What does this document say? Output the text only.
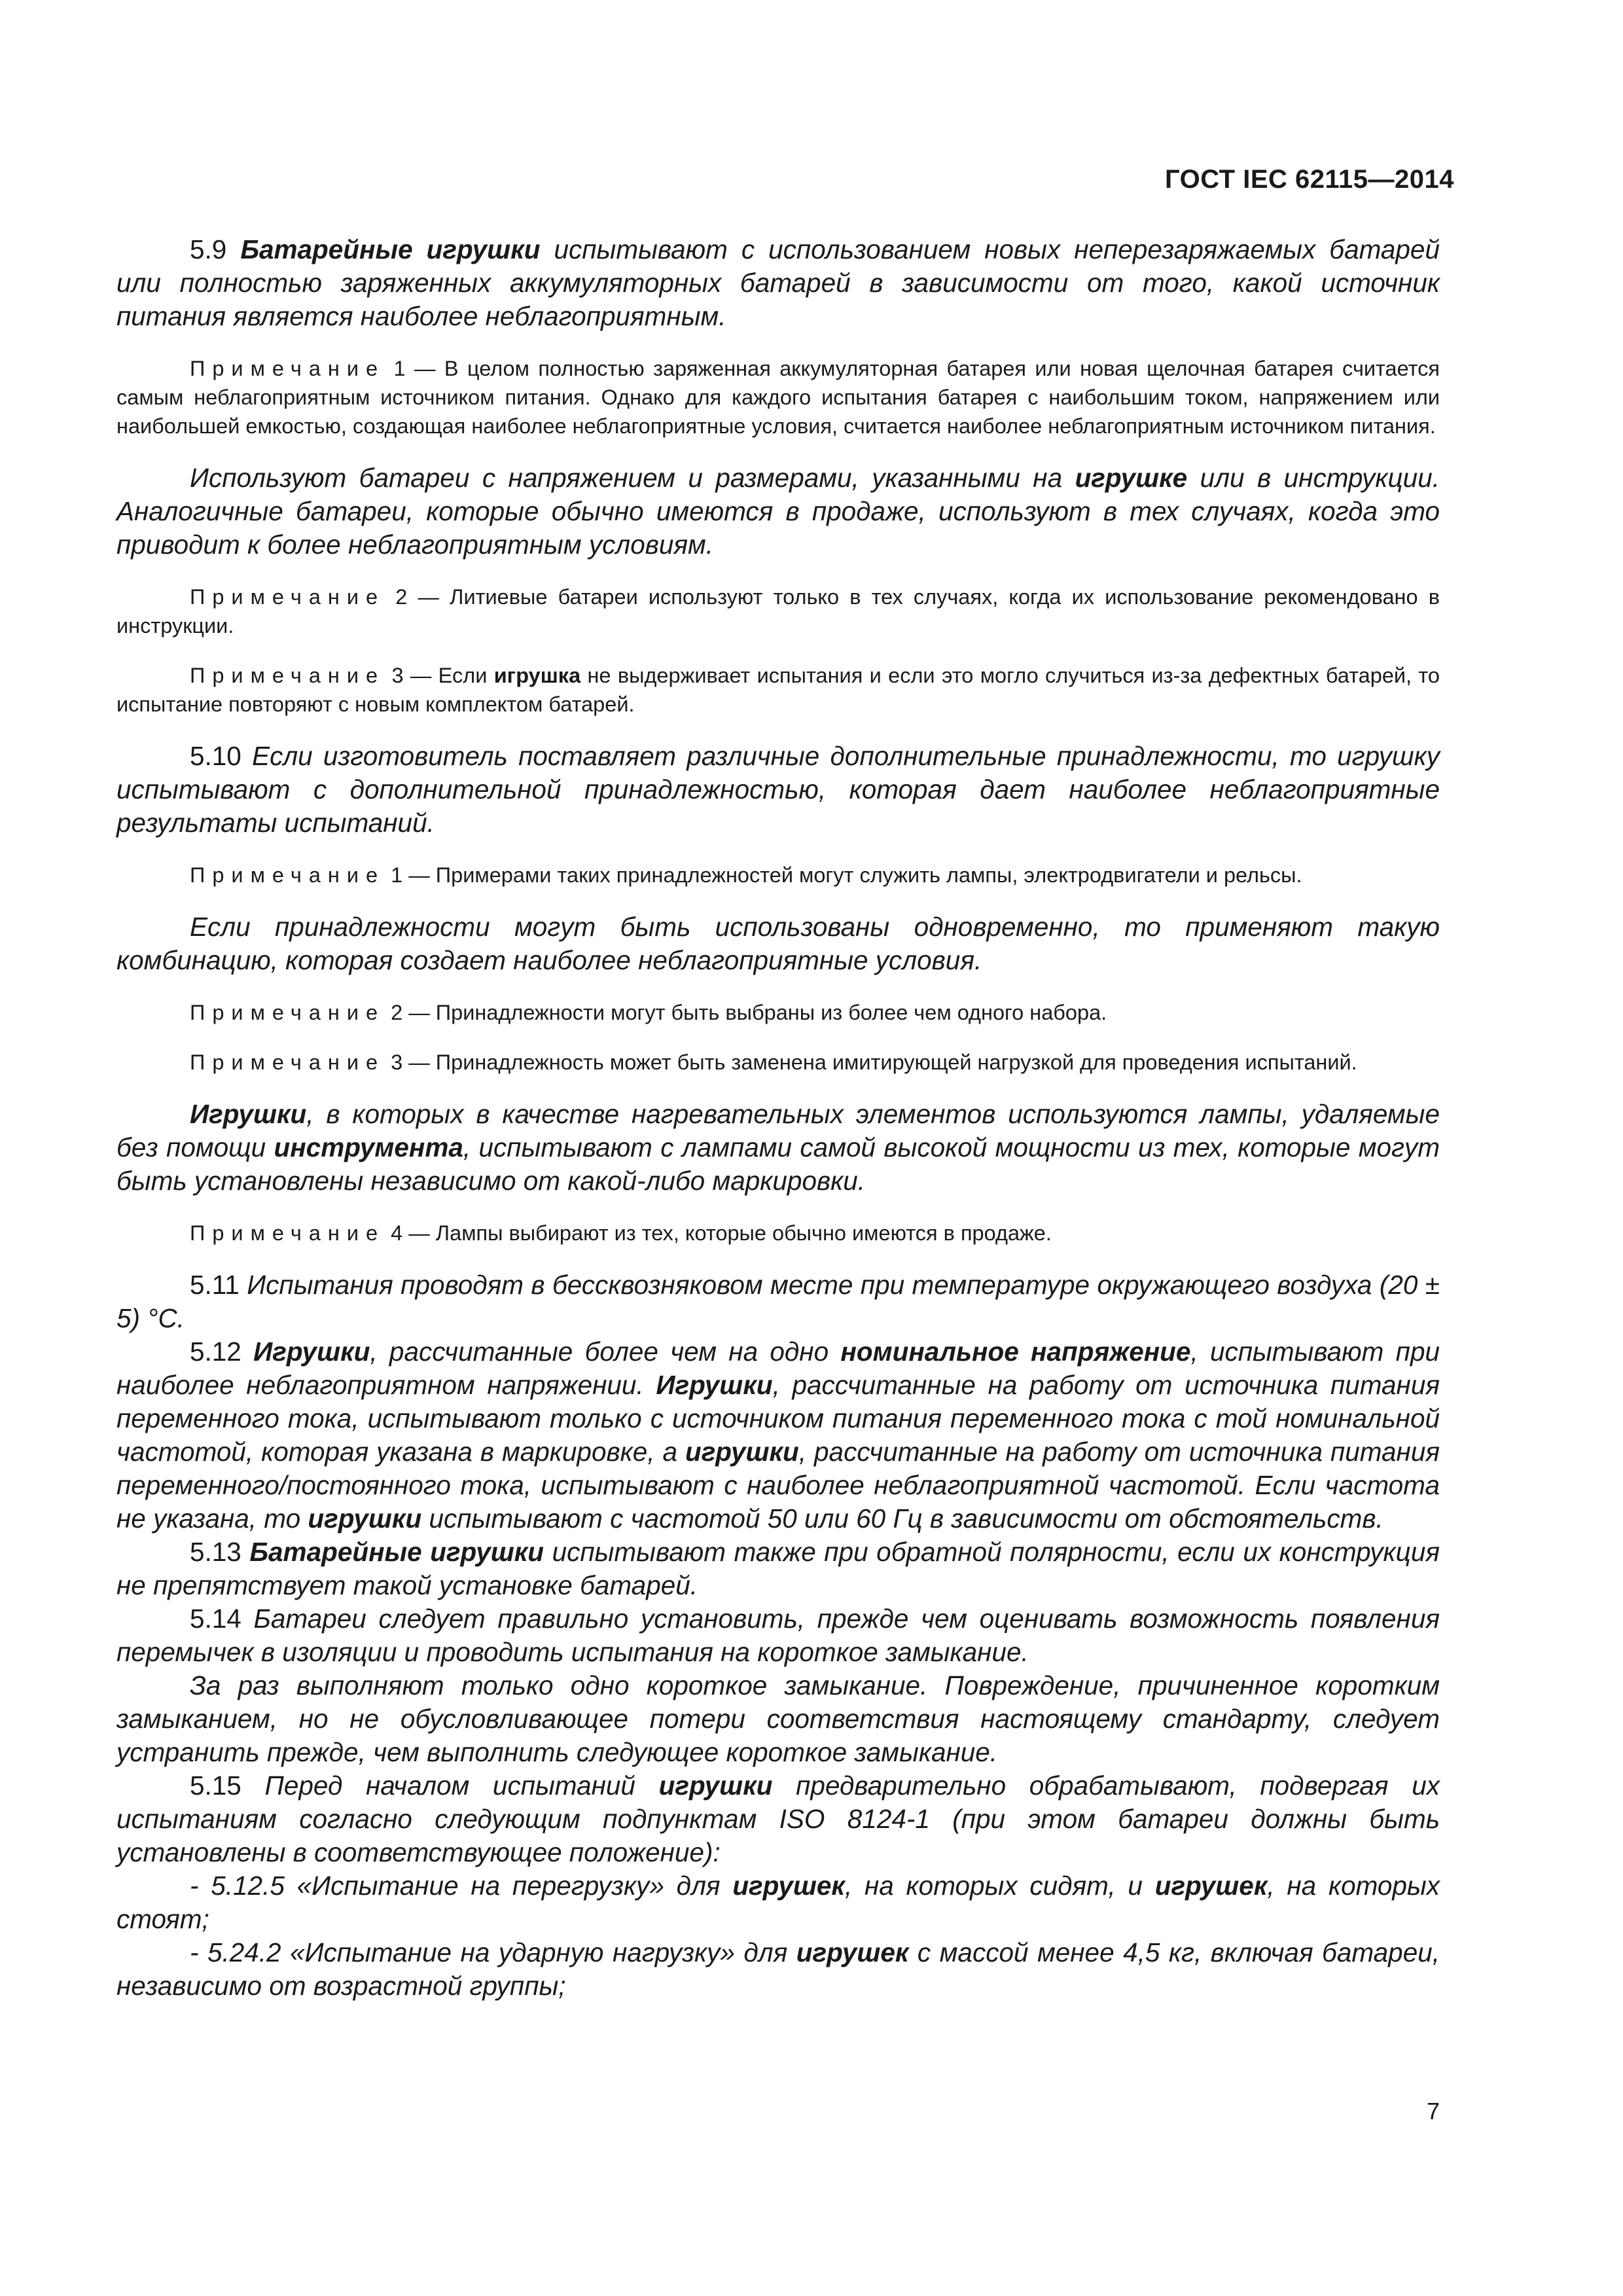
ГОСТ IEC 62115—2014

5.9 Батарейные игрушки испытывают с использованием новых неперезаряжаемых батарей или полностью заряженных аккумуляторных батарей в зависимости от того, какой источник питания является наиболее неблагоприятным.

Примечание 1 — В целом полностью заряженная аккумуляторная батарея или новая щелочная батарея считается самым неблагоприятным источником питания. Однако для каждого испытания батарея с наибольшим током, напряжением или наибольшей емкостью, создающая наиболее неблагоприятные условия, считается наиболее неблагоприятным источником питания.

Используют батареи с напряжением и размерами, указанными на игрушке или в инструкции. Аналогичные батареи, которые обычно имеются в продаже, используют в тех случаях, когда это приводит к более неблагоприятным условиям.

Примечание 2 — Литиевые батареи используют только в тех случаях, когда их использование рекомендовано в инструкции.

Примечание 3 — Если игрушка не выдерживает испытания и если это могло случиться из-за дефектных батарей, то испытание повторяют с новым комплектом батарей.

5.10 Если изготовитель поставляет различные дополнительные принадлежности, то игрушку испытывают с дополнительной принадлежностью, которая дает наиболее неблагоприятные результаты испытаний.

Примечание 1 — Примерами таких принадлежностей могут служить лампы, электродвигатели и рельсы.

Если принадлежности могут быть использованы одновременно, то применяют такую комбинацию, которая создает наиболее неблагоприятные условия.

Примечание 2 — Принадлежности могут быть выбраны из более чем одного набора.

Примечание 3 — Принадлежность может быть заменена имитирующей нагрузкой для проведения испытаний.

Игрушки, в которых в качестве нагревательных элементов используются лампы, удаляемые без помощи инструмента, испытывают с лампами самой высокой мощности из тех, которые могут быть установлены независимо от какой-либо маркировки.

Примечание 4 — Лампы выбирают из тех, которые обычно имеются в продаже.

5.11 Испытания проводят в бесcквозняковом месте при температуре окружающего воздуха (20 ± 5) °С.

5.12 Игрушки, рассчитанные более чем на одно номинальное напряжение, испытывают при наиболее неблагоприятном напряжении. Игрушки, рассчитанные на работу от источника питания переменного тока, испытывают только с источником питания переменного тока с той номинальной частотой, которая указана в маркировке, а игрушки, рассчитанные на работу от источника питания переменного/постоянного тока, испытывают с наиболее неблагоприятной частотой. Если частота не указана, то игрушки испытывают с частотой 50 или 60 Гц в зависимости от обстоятельств.

5.13 Батарейные игрушки испытывают также при обратной полярности, если их конструкция не препятствует такой установке батарей.

5.14 Батареи следует правильно установить, прежде чем оценивать возможность появления перемычек в изоляции и проводить испытания на короткое замыкание.

За раз выполняют только одно короткое замыкание. Повреждение, причиненное коротким замыканием, но не обусловливающее потери соответствия настоящему стандарту, следует устранить прежде, чем выполнить следующее короткое замыкание.

5.15 Перед началом испытаний игрушки предварительно обрабатывают, подвергая их испытаниям согласно следующим подпунктам ISO 8124-1 (при этом батареи должны быть установлены в соответствующее положение):

- 5.12.5 «Испытание на перегрузку» для игрушек, на которых сидят, и игрушек, на которых стоят;

- 5.24.2 «Испытание на ударную нагрузку» для игрушек с массой менее 4,5 кг, включая батареи, независимо от возрастной группы;

7
